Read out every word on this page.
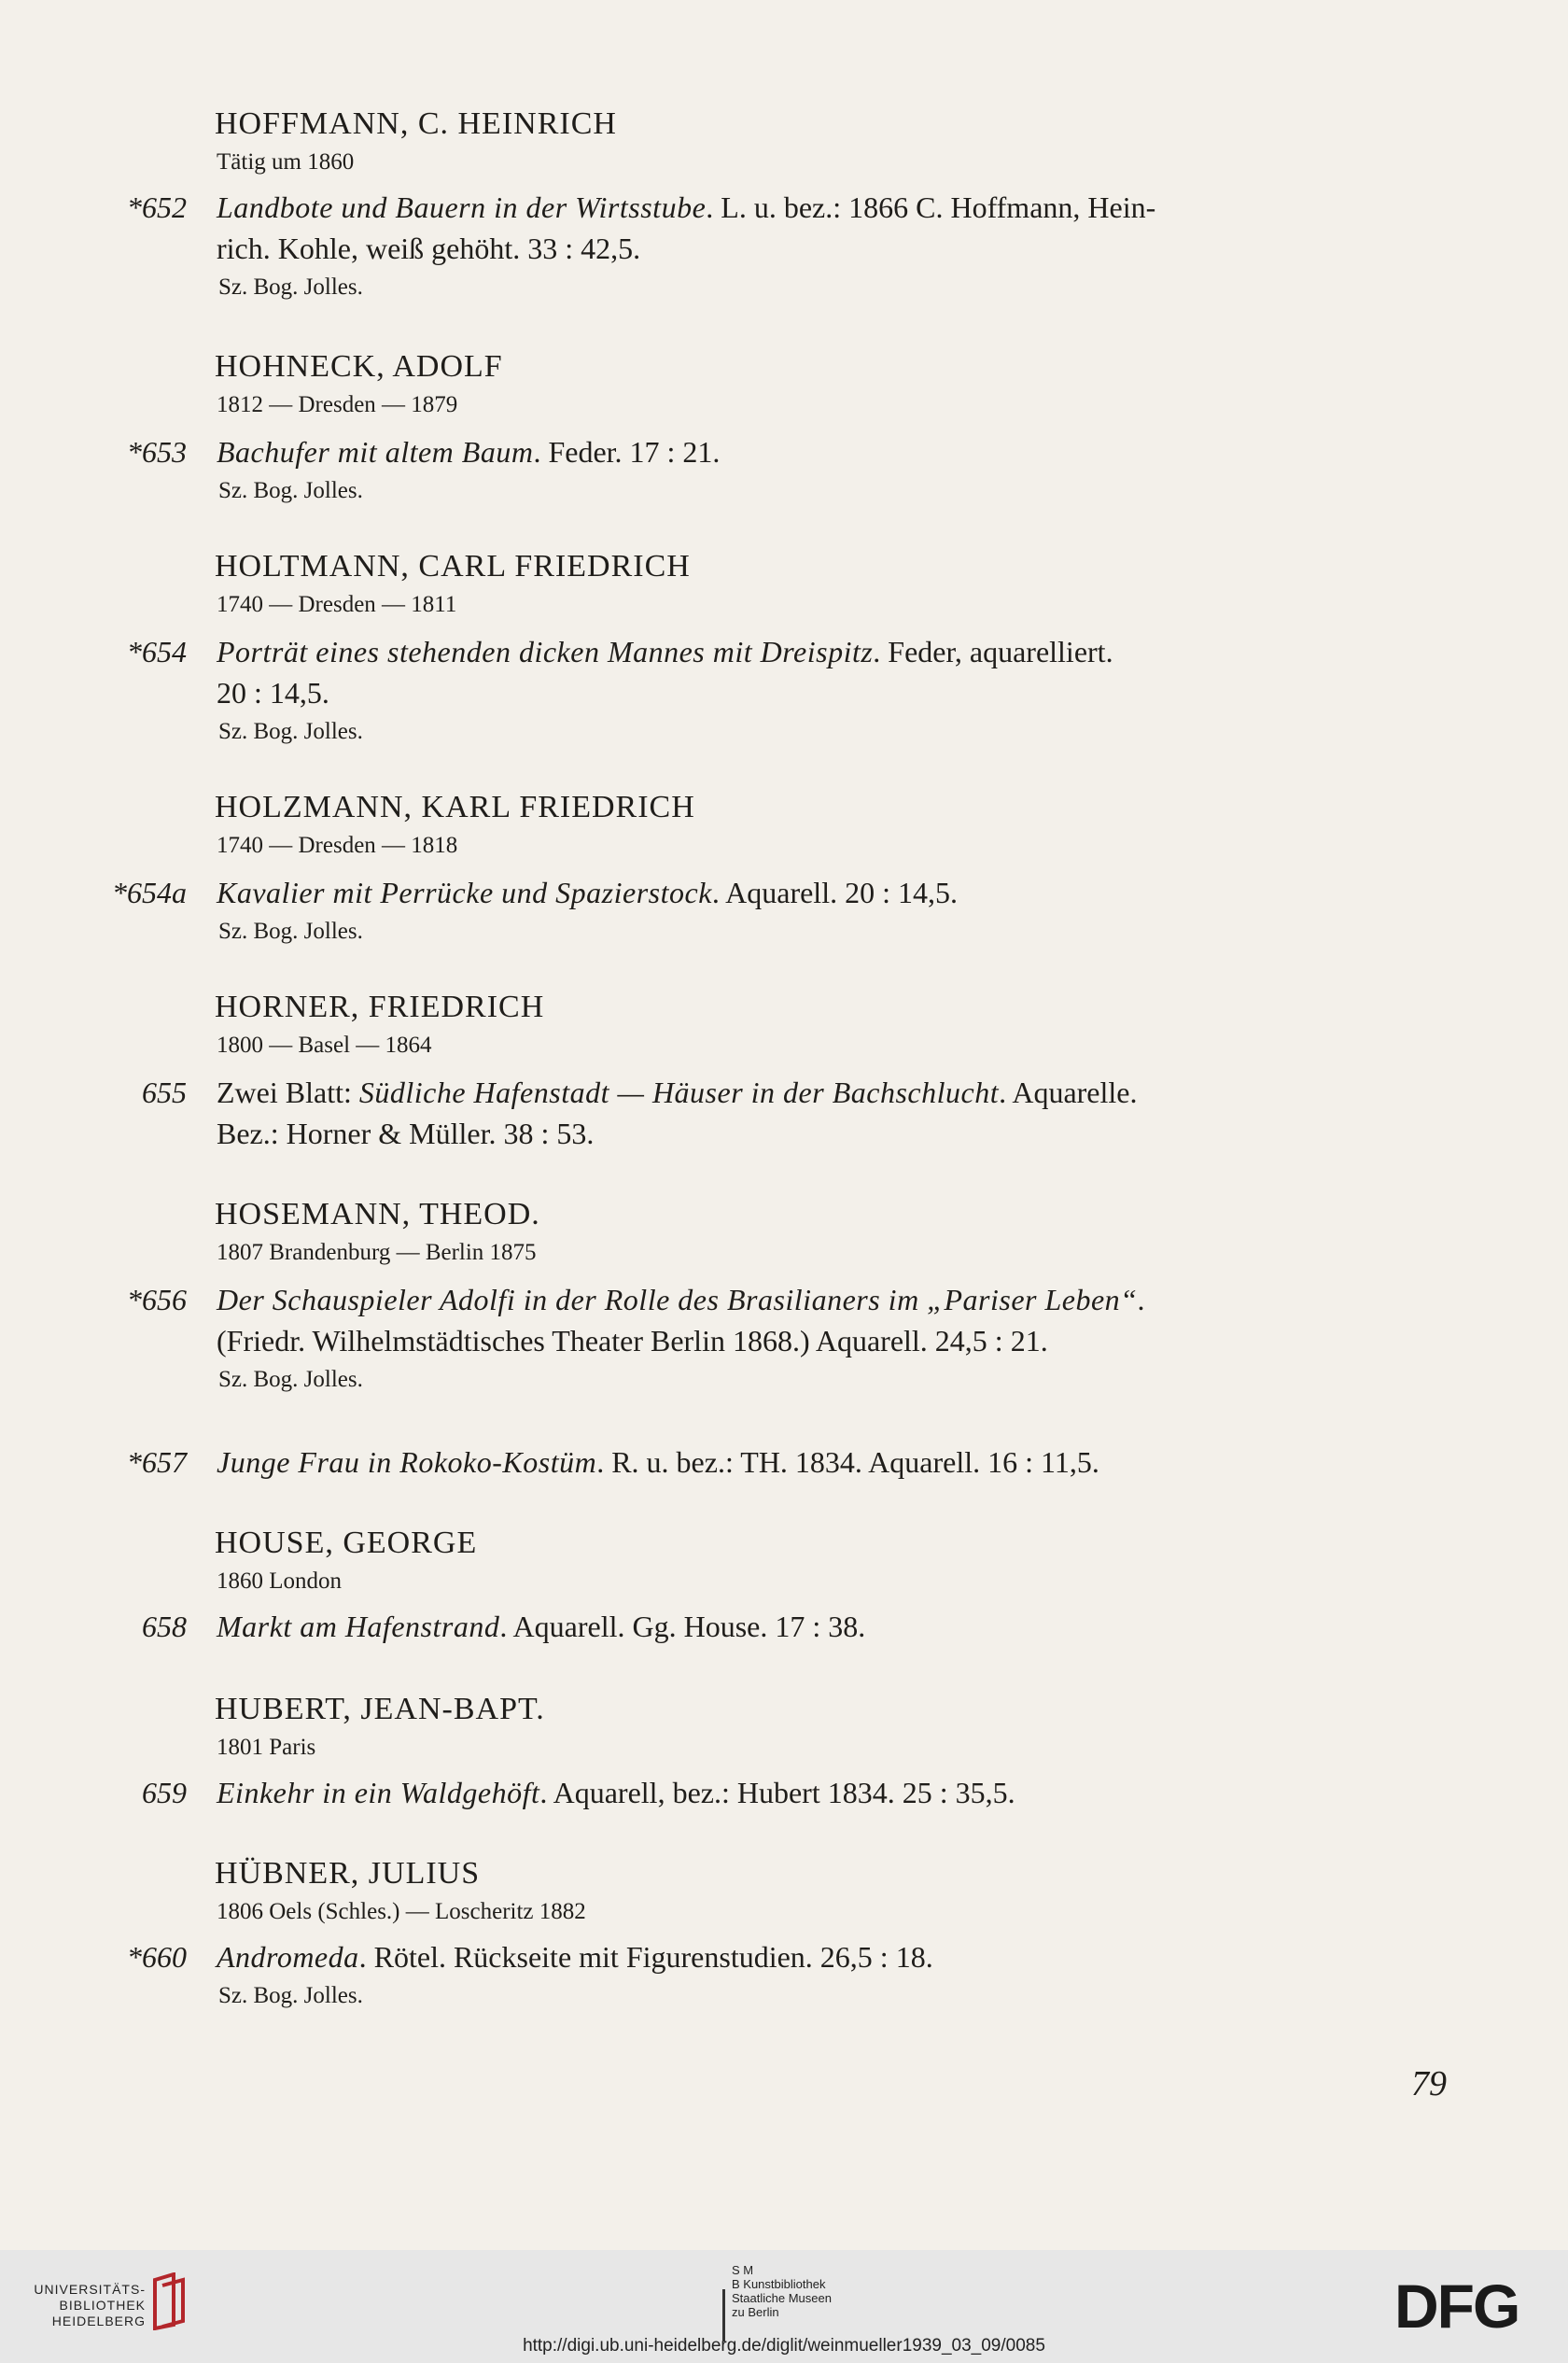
HOFFMANN, C. HEINRICH
Tätig um 1860
*652 Landbote und Bauern in der Wirtsstube. L. u. bez.: 1866 C. Hoffmann, Hein-
rich. Kohle, weiß gehöht. 33 : 42,5.
Sz. Bog. Jolles.
HOHNECK, ADOLF
1812 — Dresden — 1879
*653 Bachufer mit altem Baum. Feder. 17 : 21.
Sz. Bog. Jolles.
HOLTMANN, CARL FRIEDRICH
1740 — Dresden — 1811
*654 Porträt eines stehenden dicken Mannes mit Dreispitz. Feder, aquarelliert.
20 : 14,5.
Sz. Bog. Jolles.
HOLZMANN, KARL FRIEDRICH
1740 — Dresden — 1818
*654a Kavalier mit Perrücke und Spazierstock. Aquarell. 20 : 14,5.
Sz. Bog. Jolles.
HORNER, FRIEDRICH
1800 — Basel — 1864
655 Zwei Blatt: Südliche Hafenstadt — Häuser in der Bachschlucht. Aquarelle.
Bez.: Horner & Müller. 38 : 53.
HOSEMANN, THEOD.
1807 Brandenburg — Berlin 1875
*656 Der Schauspieler Adolfi in der Rolle des Brasilianers im „Pariser Leben“.
(Friedr. Wilhelmstädtisches Theater Berlin 1868.) Aquarell. 24,5 : 21.
Sz. Bog. Jolles.
*657 Junge Frau in Rokoko-Kostüm. R. u. bez.: TH. 1834. Aquarell. 16 : 11,5.
HOUSE, GEORGE
1860 London
658 Markt am Hafenstrand. Aquarell. Gg. House. 17 : 38.
HUBERT, JEAN-BAPT.
1801 Paris
659 Einkehr in ein Waldgehöft. Aquarell, bez.: Hubert 1834. 25 : 35,5.
HÜBNER, JULIUS
1806 Oels (Schles.) — Loscheritz 1882
*660 Andromeda. Rötel. Rückseite mit Figurenstudien. 26,5 : 18.
Sz. Bog. Jolles.
79
UNIVERSITÄTS-
BIBLIOTHEK
HEIDELBERG
S M
B Kunstbibliothek
Staatliche Museen
zu Berlin	DFG
http://digi.ub.uni-heidelberg.de/diglit/weinmueller1939_03_09/0085
